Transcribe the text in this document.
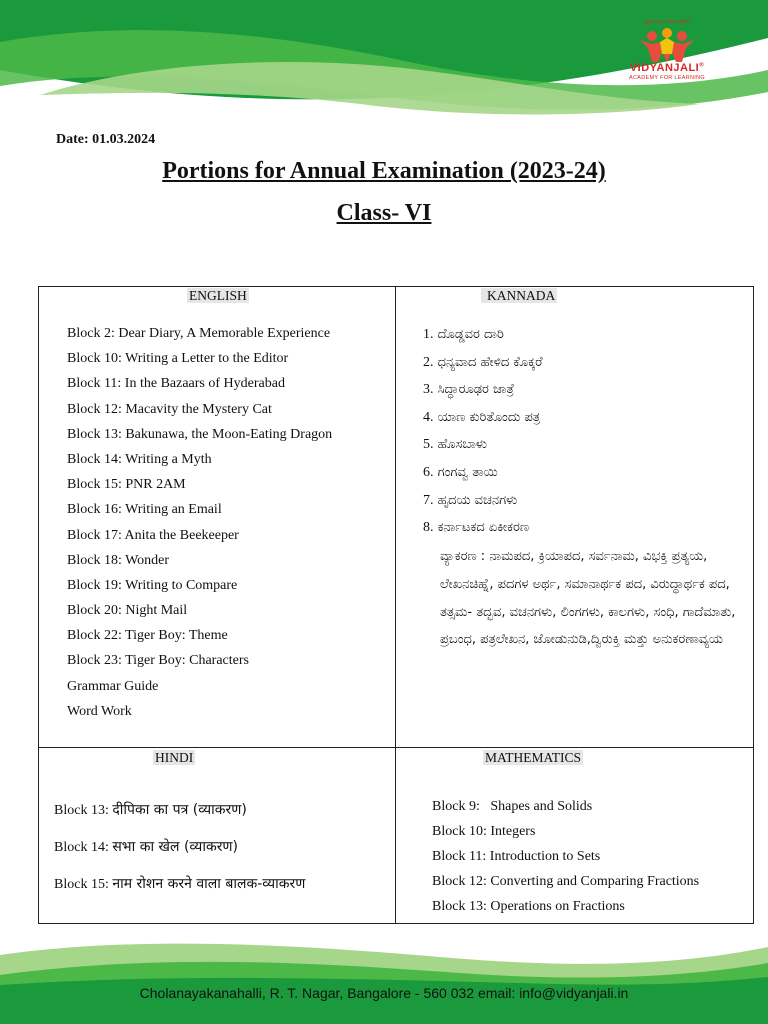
ಜ್ಞಾನದಿಂದ ಕರ್ಮದೆಡೆಗೆ
VIDYANJALI®
ACADEMY FOR LEARNING
Date: 01.03.2024
Portions for Annual Examination (2023-24)
Class- VI
ENGLISH
Block 2: Dear Diary, A Memorable Experience
Block 10: Writing a Letter to the Editor
Block 11: In the Bazaars of Hyderabad
Block 12: Macavity the Mystery Cat
Block 13: Bakunawa, the Moon-Eating Dragon
Block 14: Writing a Myth
Block 15: PNR 2AM
Block 16: Writing an Email
Block 17: Anita the Beekeeper
Block 18: Wonder
Block 19: Writing to Compare
Block 20: Night Mail
Block 22: Tiger Boy: Theme
Block 23: Tiger Boy: Characters
Grammar Guide
Word Work
KANNADA
1. ದೊಡ್ಡವರ ದಾರಿ
2. ಧನ್ಯವಾದ ಹೇಳಿದ ಕೊಕ್ಕರೆ
3. ಸಿದ್ಧಾರೂಢರ ಜಾತ್ರೆ
4. ಯಾಣ ಕುರಿತೊಂದು ಪತ್ರ
5. ಹೊಸಬಾಳು
6. ಗಂಗವ್ವ ತಾಯಿ
7. ಹೃದಯ ವಚನಗಳು
8. ಕರ್ನಾಟಕದ ಏಕೀಕರಣ
ವ್ಯಾಕರಣ : ನಾಮಪದ, ಕ್ರಿಯಾಪದ, ಸರ್ವನಾಮ, ವಿಭಕ್ತಿ ಪ್ರತ್ಯಯ, ಲೇಖನಚಿಹ್ನೆ, ಪದಗಳ ಅರ್ಥ, ಸಮಾನಾರ್ಥಕ ಪದ, ವಿರುದ್ಧಾರ್ಥಕ ಪದ, ತತ್ಸಮ- ತದ್ಭವ, ವಚನಗಳು, ಲಿಂಗಗಳು, ಕಾಲಗಳು, ಸಂಧಿ, ಗಾದೆಮಾತು, ಪ್ರಬಂಧ, ಪತ್ರಲೇಖನ, ಜೋಡುನುಡಿ,ದ್ವಿರುಕ್ತಿ ಮತ್ತು ಅನುಕರಣಾವ್ಯಯ
HINDI
Block 13: दीपिका का पत्र (व्याकरण)
Block 14: सभा का खेल (व्याकरण)
Block 15: नाम रोशन करने वाला बालक-व्याकरण
MATHEMATICS
Block 9:   Shapes and Solids
Block 10: Integers
Block 11: Introduction to Sets
Block 12: Converting and Comparing Fractions
Block 13: Operations on Fractions
Cholanayakanahalli, R. T. Nagar, Bangalore - 560 032 email: info@vidyanjali.in
